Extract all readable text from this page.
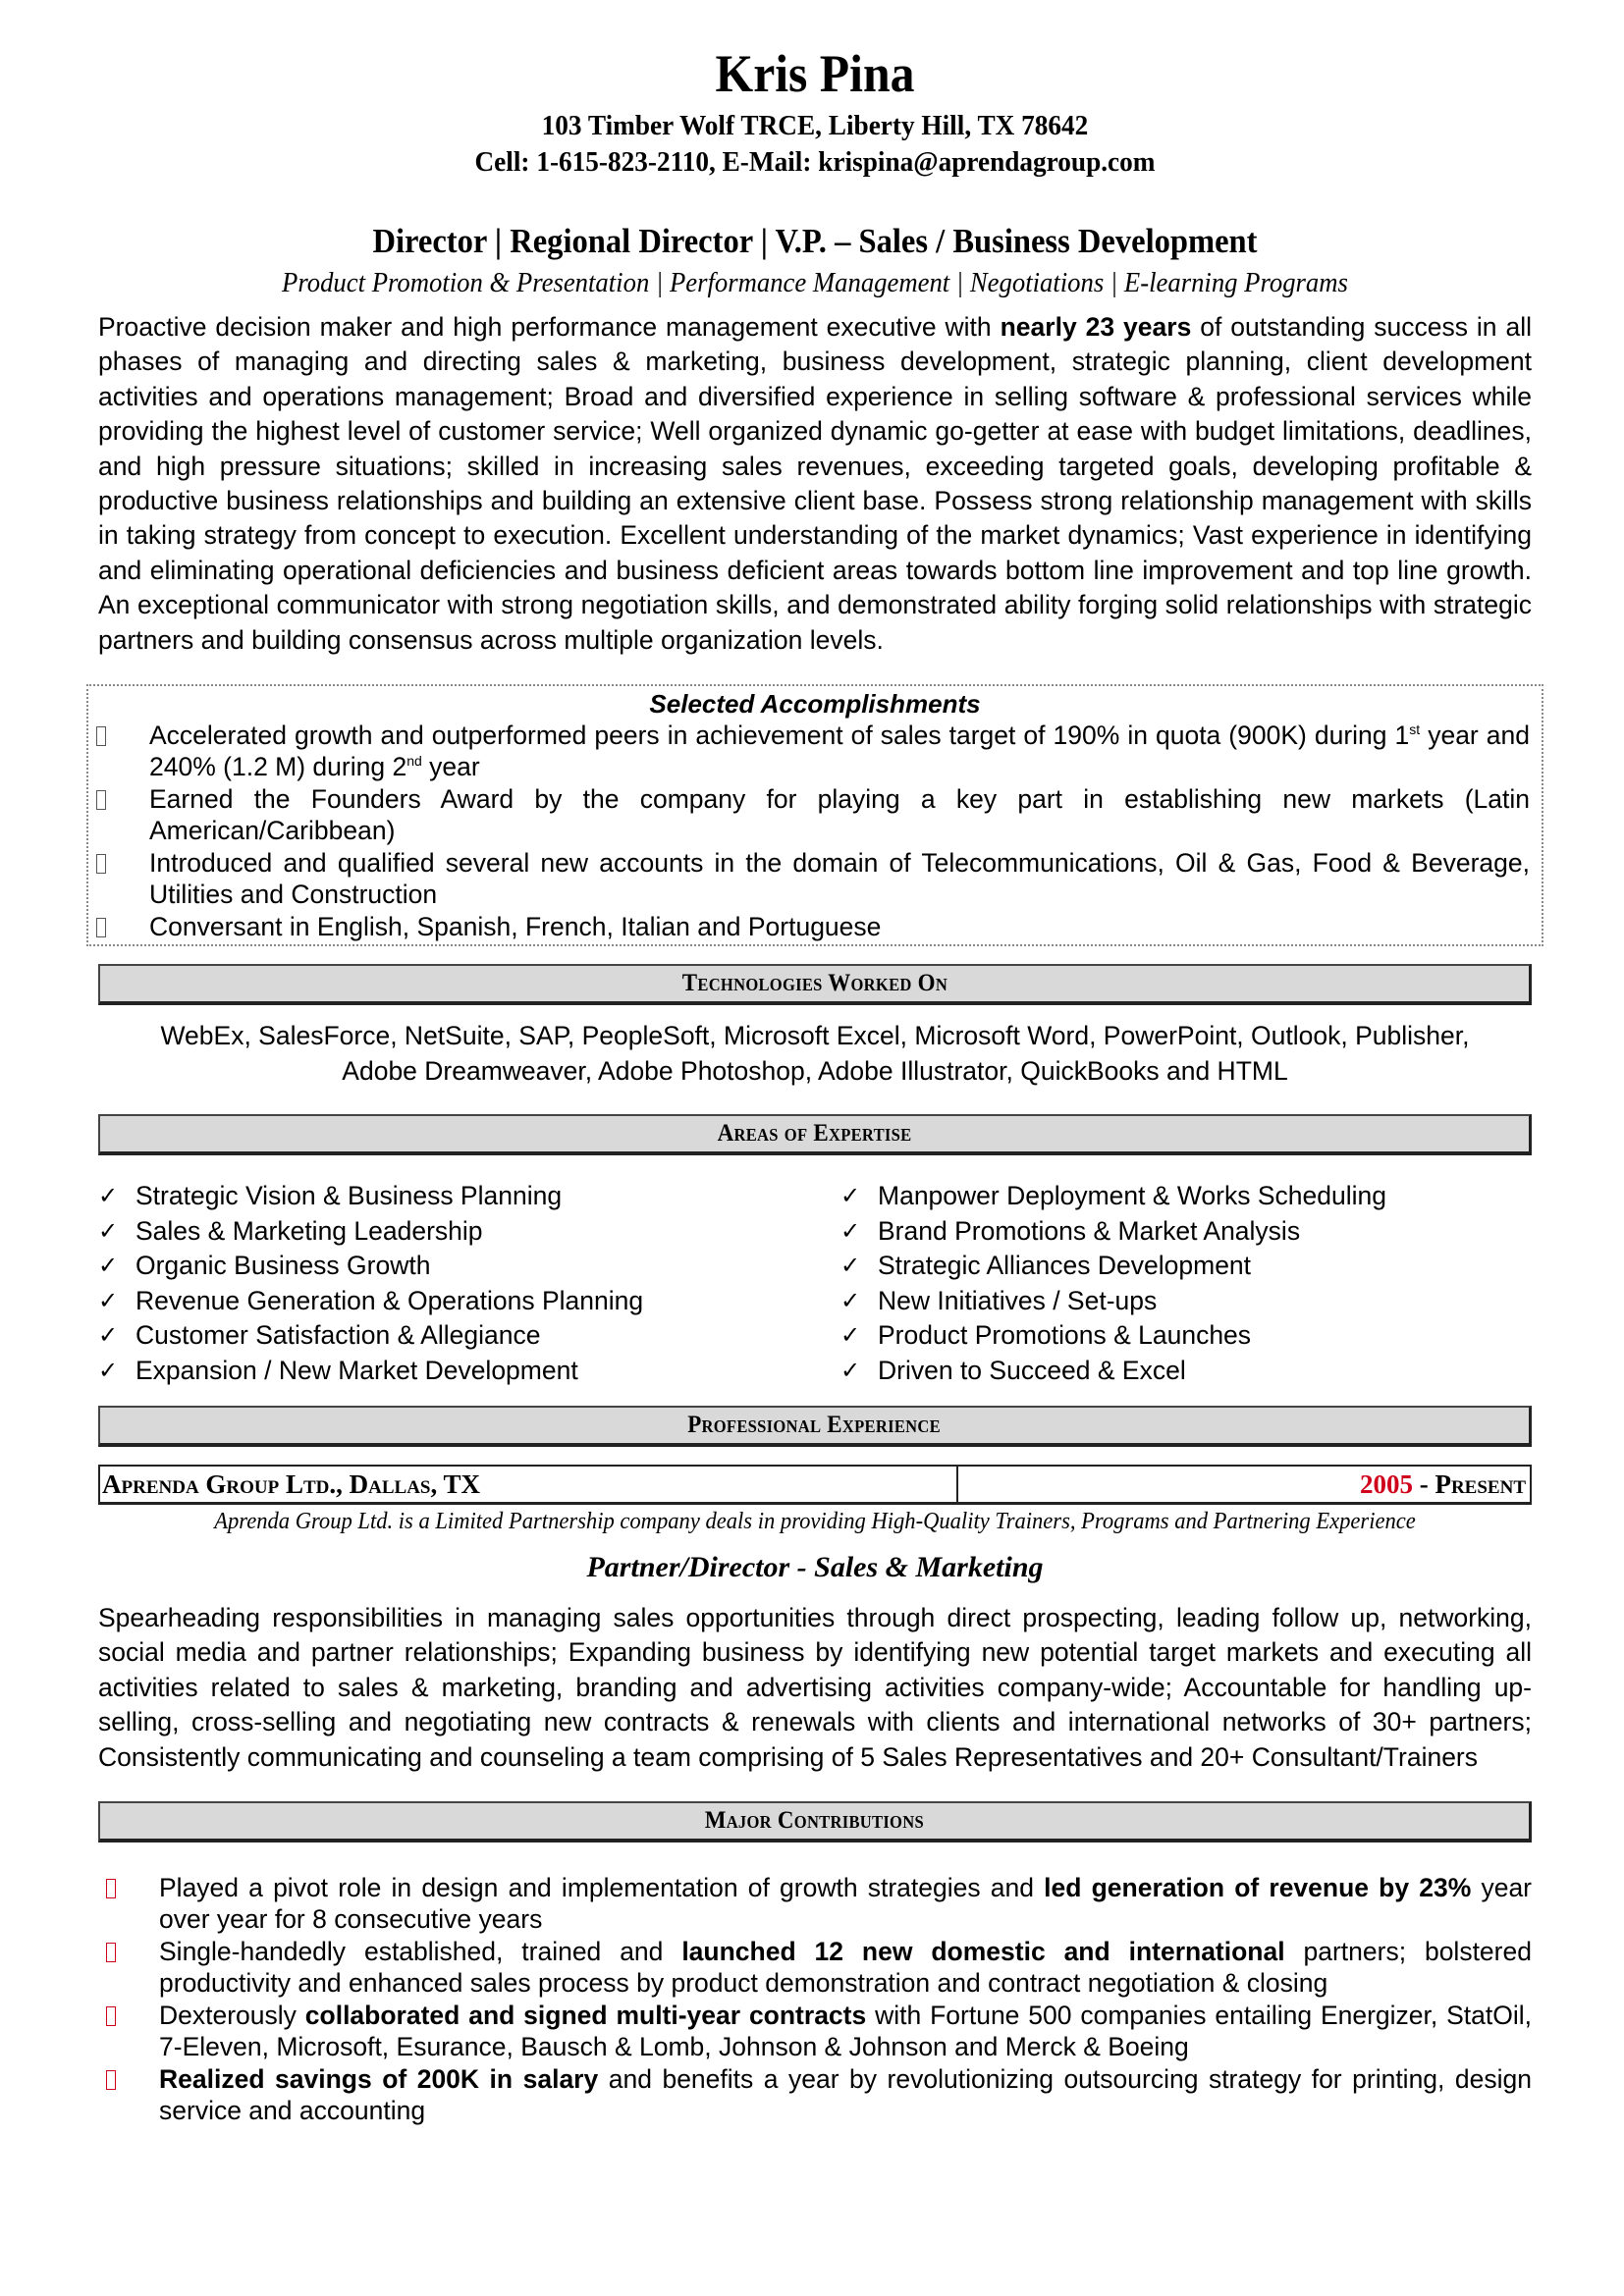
Kris Pina
103 Timber Wolf TRCE, Liberty Hill, TX 78642
Cell: 1-615-823-2110, E-Mail: krispina@aprendagroup.com
Director | Regional Director | V.P. – Sales / Business Development
Product Promotion & Presentation | Performance Management | Negotiations | E-learning Programs

Proactive decision maker and high performance management executive with nearly 23 years of outstanding success in all phases of managing and directing sales & marketing, business development, strategic planning, client development activities and operations management; Broad and diversified experience in selling software & professional services while providing the highest level of customer service; Well organized dynamic go-getter at ease with budget limitations, deadlines, and high pressure situations; skilled in increasing sales revenues, exceeding targeted goals, developing profitable & productive business relationships and building an extensive client base. Possess strong relationship management with skills in taking strategy from concept to execution. Excellent understanding of the market dynamics; Vast experience in identifying and eliminating operational deficiencies and business deficient areas towards bottom line improvement and top line growth. An exceptional communicator with strong negotiation skills, and demonstrated ability forging solid relationships with strategic partners and building consensus across multiple organization levels.

Selected Accomplishments
Accelerated growth and outperformed peers in achievement of sales target of 190% in quota (900K) during 1st year and 240% (1.2 M) during 2nd year
Earned the Founders Award by the company for playing a key part in establishing new markets (Latin American/Caribbean)
Introduced and qualified several new accounts in the domain of Telecommunications, Oil & Gas, Food & Beverage, Utilities and Construction
Conversant in English, Spanish, French, Italian and Portuguese
Technologies Worked On
WebEx, SalesForce, NetSuite, SAP, PeopleSoft, Microsoft Excel, Microsoft Word, PowerPoint, Outlook, Publisher,
Adobe Dreamweaver, Adobe Photoshop, Adobe Illustrator, QuickBooks and HTML
Areas of Expertise
✓ Strategic Vision & Business Planning
✓ Sales & Marketing Leadership
✓ Organic Business Growth
✓ Revenue Generation & Operations Planning
✓ Customer Satisfaction & Allegiance
✓ Expansion / New Market Development
✓ Manpower Deployment & Works Scheduling
✓ Brand Promotions & Market Analysis
✓ Strategic Alliances Development
✓ New Initiatives / Set-ups
✓ Product Promotions & Launches
✓ Driven to Succeed & Excel
Professional Experience
Aprenda Group Ltd., Dallas, TX	2005 - Present
Aprenda Group Ltd. is a Limited Partnership company deals in providing High-Quality Trainers, Programs and Partnering Experience
Partner/Director - Sales & Marketing

Spearheading responsibilities in managing sales opportunities through direct prospecting, leading follow up, networking, social media and partner relationships; Expanding business by identifying new potential target markets and executing all activities related to sales & marketing, branding and advertising activities company-wide; Accountable for handling up-selling, cross-selling and negotiating new contracts & renewals with clients and international networks of 30+ partners; Consistently communicating and counseling a team comprising of 5 Sales Representatives and 20+ Consultant/Trainers

Major Contributions
Played a pivot role in design and implementation of growth strategies and led generation of revenue by 23% year over year for 8 consecutive years
Single-handedly established, trained and launched 12 new domestic and international partners; bolstered productivity and enhanced sales process by product demonstration and contract negotiation & closing
Dexterously collaborated and signed multi-year contracts with Fortune 500 companies entailing Energizer, StatOil, 7-Eleven, Microsoft, Esurance, Bausch & Lomb, Johnson & Johnson and Merck & Boeing
Realized savings of 200K in salary and benefits a year by revolutionizing outsourcing strategy for printing, design service and accounting
